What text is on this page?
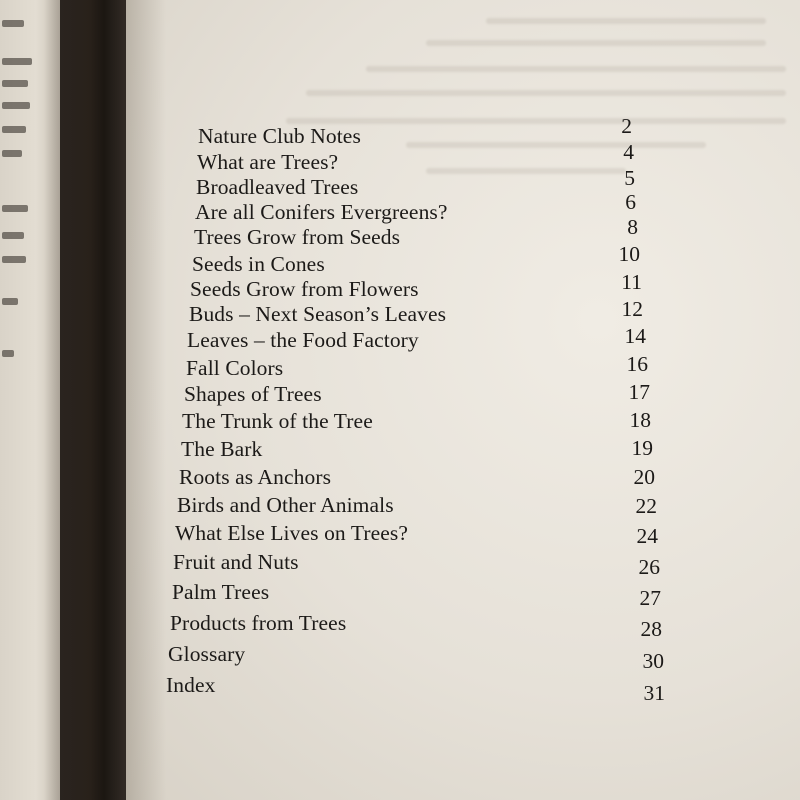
Nature Club Notes	2
What are Trees?	4
Broadleaved Trees	5
Are all Conifers Evergreens?	6
Trees Grow from Seeds	8
Seeds in Cones	10
Seeds Grow from Flowers	11
Buds – Next Season’s Leaves	12
Leaves – the Food Factory	14
Fall Colors	16
Shapes of Trees	17
The Trunk of the Tree	18
The Bark	19
Roots as Anchors	20
Birds and Other Animals	22
What Else Lives on Trees?	24
Fruit and Nuts	26
Palm Trees	27
Products from Trees	28
Glossary	30
Index	31
